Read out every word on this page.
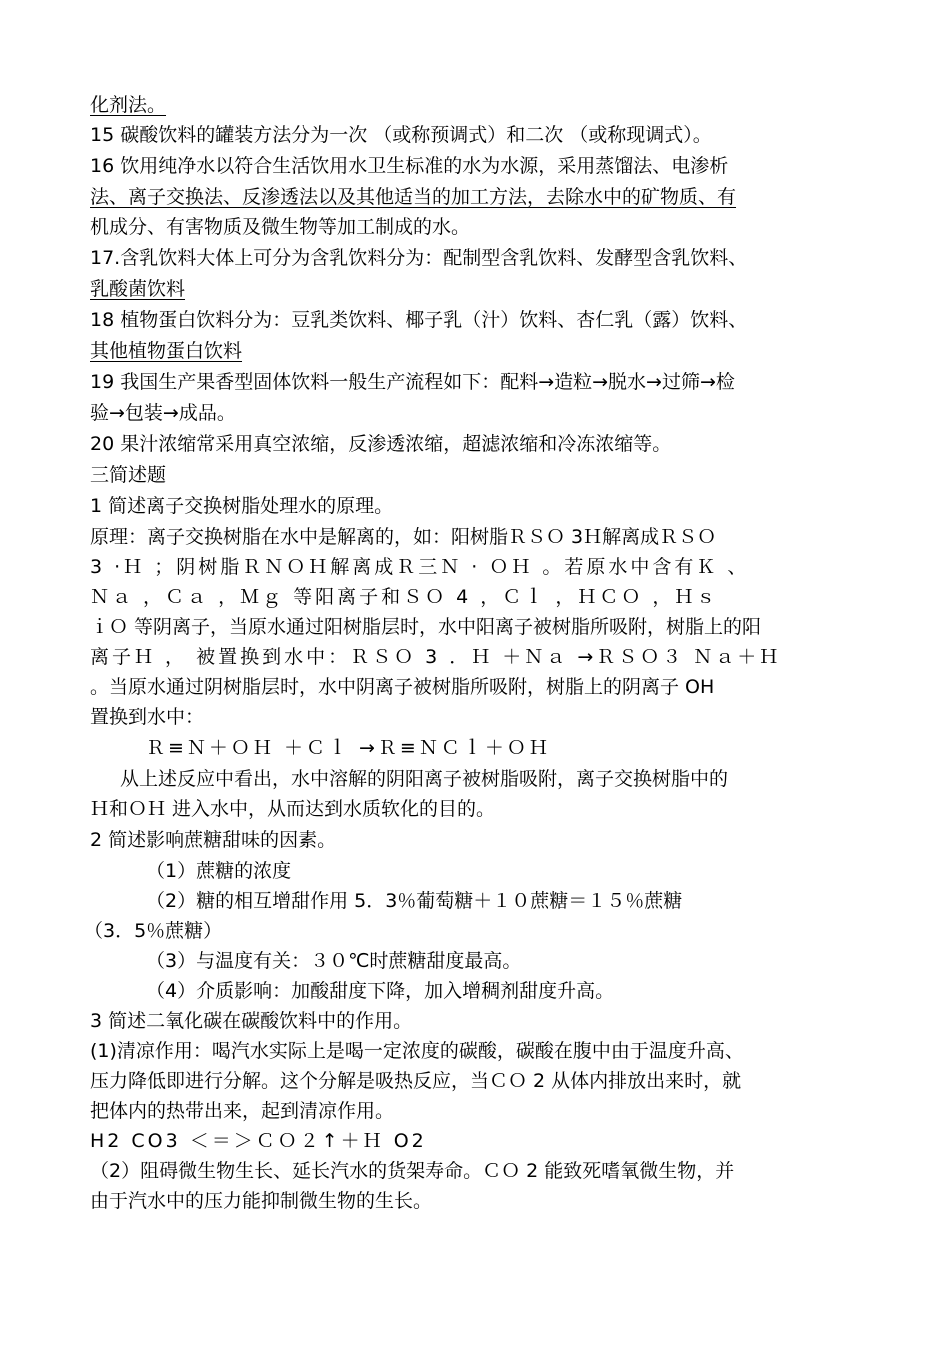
化剂法。
15 碳酸饮料的罐装方法分为一次 （或称预调式）和二次 （或称现调式）。
16 饮用纯净水以符合生活饮用水卫生标准的水为水源，采用蒸馏法、电渗析
法、离子交换法、反渗透法以及其他适当的加工方法，去除水中的矿物质、有
机成分、有害物质及微生物等加工制成的水。
17.含乳饮料大体上可分为含乳饮料分为：配制型含乳饮料、发酵型含乳饮料、
乳酸菌饮料
18 植物蛋白饮料分为：豆乳类饮料、椰子乳（汁）饮料、杏仁乳（露）饮料、
其他植物蛋白饮料
19 我国生产果香型固体饮料一般生产流程如下：配料→造粒→脱水→过筛→检
验→包装→成品。
20 果汁浓缩常采用真空浓缩，反渗透浓缩，超滤浓缩和冷冻浓缩等。
三简述题
1 简述离子交换树脂处理水的原理。
原理：离子交换树脂在水中是解离的，如：阳树脂ＲＳＯ 3Ｈ解离成ＲＳＯ
3 ·Ｈ ；阴树脂ＲＮＯＨ解离成Ｒ三Ｎ · ＯＨ 。若原水中含有Ｋ 、
Ｎａ ，Ｃａ ，Ｍｇ 等阳离子和ＳＯ 4 ，Ｃｌ ，ＨＣＯ ，Ｈｓ
ｉＯ 等阴离子，当原水通过阳树脂层时，水中阳离子被树脂所吸附，树脂上的阳
离子Ｈ ， 被置换到水中：ＲＳＯ 3 ．Ｈ ＋Ｎａ →ＲＳＯ３ Ｎａ＋Ｈ
。当原水通过阴树脂层时，水中阴离子被树脂所吸附，树脂上的阴离子 OH
置换到水中：
Ｒ≡Ｎ＋ＯＨ ＋Ｃｌ →Ｒ≡ＮＣｌ＋ＯＨ
从上述反应中看出，水中溶解的阴阳离子被树脂吸附，离子交换树脂中的
Ｈ和ＯＨ 进入水中，从而达到水质软化的目的。
2 简述影响蔗糖甜味的因素。
（1）蔗糖的浓度
（2）糖的相互增甜作用 5．3％葡萄糖＋１０蔗糖＝１５％蔗糖
（3．5％蔗糖）
（3）与温度有关：３０℃时蔗糖甜度最高。
（4）介质影响：加酸甜度下降，加入增稠剂甜度升高。
3 简述二氧化碳在碳酸饮料中的作用。
(1)清凉作用：喝汽水实际上是喝一定浓度的碳酸，碳酸在腹中由于温度升高、
压力降低即进行分解。这个分解是吸热反应，当ＣＯ 2 从体内排放出来时，就
把体内的热带出来，起到清凉作用。
H2 CO3 ＜＝＞ＣＯ２↑＋Ｈ O2
（2）阻碍微生物生长、延长汽水的货架寿命。ＣＯ 2 能致死嗜氧微生物，并
由于汽水中的压力能抑制微生物的生长。
